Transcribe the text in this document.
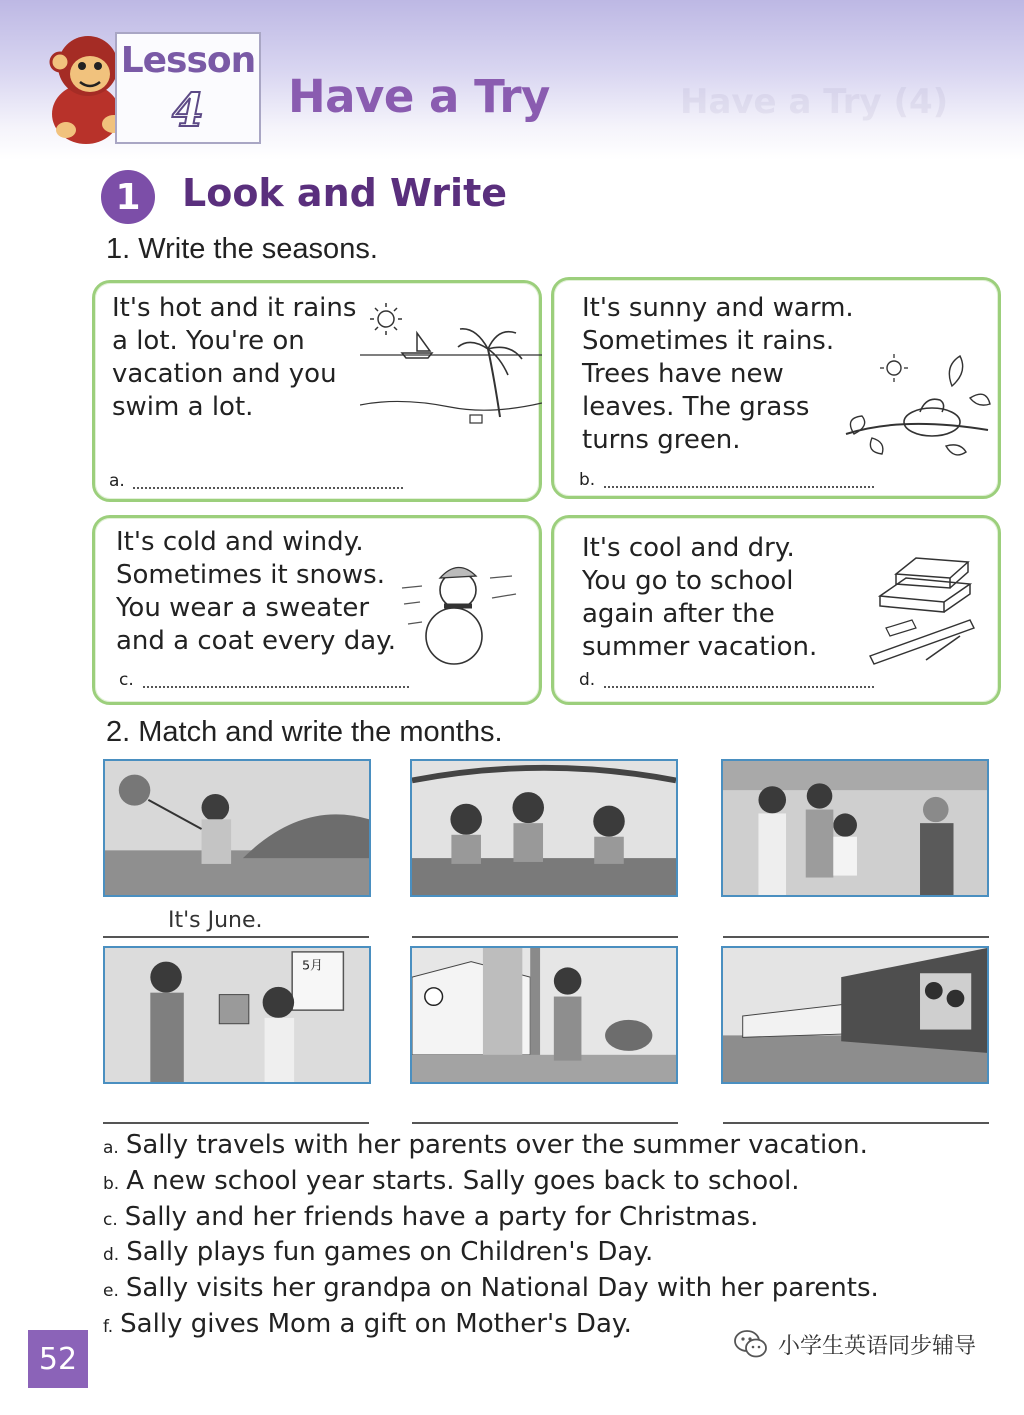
Lesson
4	Have a Try	Have a Try (4)
1	Look and Write
1. Write the seasons.
It's hot and it rains
a lot. You're on
vacation and you
swim a lot.
a.
It's sunny and warm.
Sometimes it rains.
Trees have new
leaves. The grass
turns green.
b.
It's cold and windy.
Sometimes it snows.
You wear a sweater
and a coat every day.
c.
It's cool and dry.
You go to school
again after the
summer vacation.
d.
2. Match and write the months.
It's June.
5月
a. Sally travels with her parents over the summer vacation.
b. A new school year starts. Sally goes back to school.
c. Sally and her friends have a party for Christmas.
d. Sally plays fun games on Children's Day.
e. Sally visits her grandpa on National Day with her parents.
f. Sally gives Mom a gift on Mother's Day.
52	小学生英语同步辅导
